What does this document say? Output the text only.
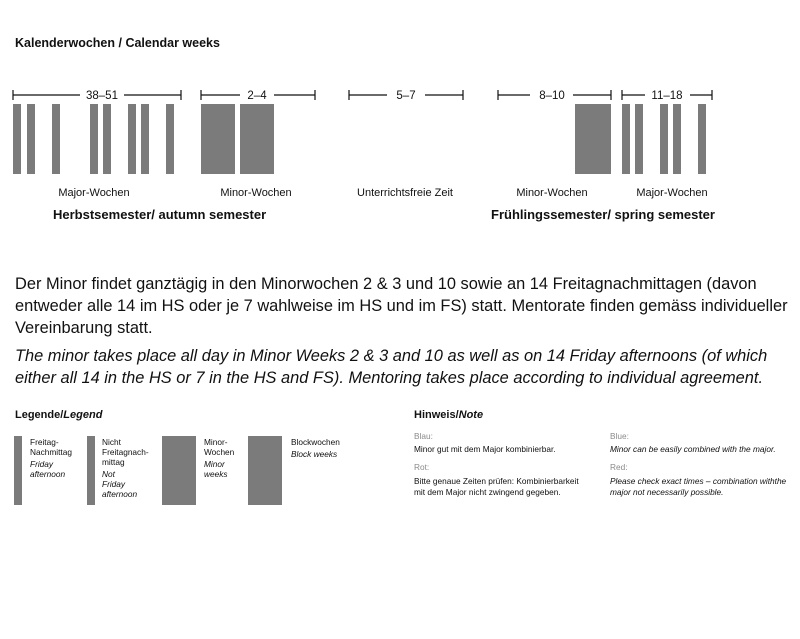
Kalenderwochen / Calendar weeks
38–51	2–4	5–7	8–10	11–18
Major-Wochen	Minor-Wochen	Unterrichtsfreie Zeit	Minor-Wochen	Major-Wochen
Herbstsemester/ autumn semester	Frühlingssemester/ spring semester
Der Minor findet ganztägig in den Minorwochen 2 & 3 und 10 sowie an 14 Freitagnachmittagen (davon entweder alle 14 im HS oder je 7 wahlweise im HS und im FS) statt. Mentorate finden gemäss individueller Vereinbarung statt.
The minor takes place all day in Minor Weeks 2 & 3 and 10 as well as on 14 Friday afternoons (of which either all 14 in the HS or 7 in the HS and FS). Mentoring takes place according to individual agreement.
Legende/Legend
Freitag-
Nachmittag
Friday
afternoon
Nicht
Freitagnach-
mittag
Not
Friday
afternoon
Minor-
Wochen
Minor
weeks
Blockwochen
Block weeks
Hinweis/Note
Blau:
Minor gut mit dem Major kombinierbar.
Blue:
Minor can be easily combined with the major.
Rot:
Bitte genaue Zeiten prüfen: Kombinierbarkeit
mit dem Major nicht zwingend gegeben.
Red:
Please check exact times – combination withthe
major not necessarily possible.
